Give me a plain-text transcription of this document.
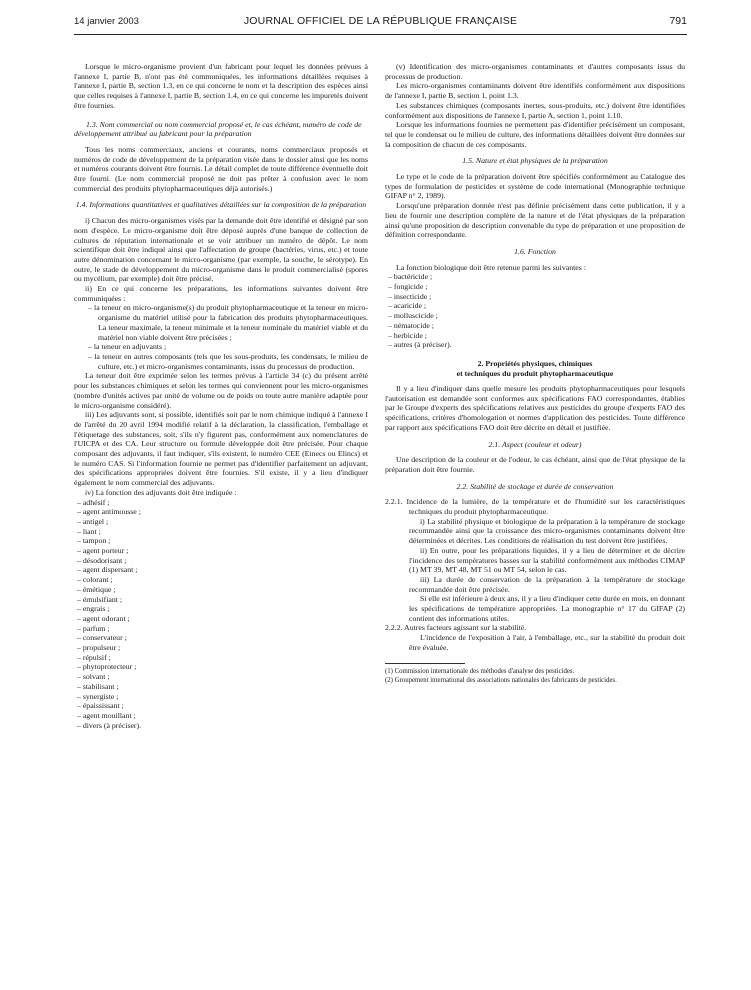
14 janvier 2003	JOURNAL OFFICIEL DE LA RÉPUBLIQUE FRANÇAISE	791

Lorsque le micro-organisme provient d'un fabricant pour lequel les données prévues à l'annexe I, partie B, n'ont pas été communiquées, les informations détaillées requises à l'annexe I, partie B, section 1.3, en ce qui concerne le nom et la description des espèces ainsi que celles requises à l'annexe I, partie B, section 1.4, en ce qui concerne les impuretés doivent être fournies.

1.3. Nom commercial ou nom commercial proposé et, le cas échéant, numéro de code de développement attribué au fabricant pour la préparation

Tous les noms commerciaux, anciens et courants, noms commerciaux proposés et numéros de code de développement de la préparation visée dans le dossier ainsi que les noms et numéros courants doivent être fournis. Le détail complet de toute différence éventuelle doit être fourni. (Le nom commercial proposé ne doit pas prêter à confusion avec le nom commercial des produits phytopharmaceutiques déjà autorisés.)

1.4. Informations quantitatives et qualitatives détaillées sur la composition de la préparation

i) Chacun des micro-organismes visés par la demande doit être identifié et désigné par son nom d'espèce. Le micro-organisme doit être déposé auprès d'une banque de collection de cultures de réputation internationale et se voir attribuer un numéro de dépôt. Le nom scientifique doit être indiqué ainsi que l'affectation de groupe (bactéries, virus, etc.) et toute autre dénomination concernant le micro-organisme (par exemple, la souche, le sérotype). En outre, le stade de développement du micro-organisme dans le produit commercialisé (spores ou mycélium, par exemple) doit être précisé.

ii) En ce qui concerne les préparations, les informations suivantes doivent être communiquées :

– la teneur en micro-organisme(s) du produit phytopharmaceutique et la teneur en micro-organisme du matériel utilisé pour la fabrication des produits phytopharmaceutiques. La teneur maximale, la teneur minimale et la teneur nominale du matériel viable et du matériel non viable doivent être précisées ;

– la teneur en adjuvants ;

– la teneur en autres composants (tels que les sous-produits, les condensats, le milieu de culture, etc.) et micro-organismes contaminants, issus du processus de production.

La teneur doit être exprimée selon les termes prévus à l'article 34 (c) du présent arrêté pour les substances chimiques et selon les termes qui conviennent pour les micro-organismes (nombre d'unités actives par unité de volume ou de poids ou toute autre manière adaptée pour le micro-organisme considéré).

iii) Les adjuvants sont, si possible, identifiés soit par le nom chimique indiqué à l'annexe I de l'arrêté du 20 avril 1994 modifié relatif à la déclaration, la classification, l'emballage et l'étiquetage des substances, soit, s'ils n'y figurent pas, conformément aux nomenclatures de l'UICPA et des CA. Leur structure ou formule développée doit être précisée. Pour chaque composant des adjuvants, il faut indiquer, s'ils existent, le numéro CEE (Einecs ou Elincs) et le numéro CAS. Si l'information fournie ne permet pas d'identifier parfaitement un adjuvant, des spécifications appropriées doivent être fournies. S'il existe, il y a lieu d'indiquer également le nom commercial des adjuvants.

iv) La fonction des adjuvants doit être indiquée :

– adhésif ;

– agent antimousse ;

– antigel ;

– liant ;

– tampon ;

– agent porteur ;

– désodorisant ;

– agent dispersant ;

– colorant ;

– émétique ;

– émulsifiant ;

– engrais ;

– agent odorant ;

– parfum ;

– conservateur ;

– propulseur ;

– répulsif ;

– phytoprotecteur ;

– solvant ;

– stabilisant ;

– synergiste ;

– épaississant ;

– agent mouillant ;

– divers (à préciser).

(v) Identification des micro-organismes contaminants et d'autres composants issus du processus de production.

Les micro-organismes contaminants doivent être identifiés conformément aux dispositions de l'annexe I, partie B, section 1, point 1.3.

Les substances chimiques (composants inertes, sous-produits, etc.) doivent être identifiées conformément aux dispositions de l'annexe I, partie A, section 1, point 1.10.

Lorsque les informations fournies ne permettent pas d'identifier précisément un composant, tel que le condensat ou le milieu de culture, des informations détaillées doivent être données sur la composition de chacun de ces composants.

1.5. Nature et état physiques de la préparation

Le type et le code de la préparation doivent être spécifiés conformément au Catalogue des types de formulation de pesticides et système de code international (Monographie technique GIFAP n° 2, 1989).

Lorsqu'une préparation donnée n'est pas définie précisément dans cette publication, il y a lieu de fournir une description complète de la nature et de l'état physiques de la préparation ainsi qu'une proposition de description convenable du type de préparation et une proposition de définition correspondante.

1.6. Fonction

La fonction biologique doit être retenue parmi les suivantes :

– bactéricide ;

– fongicide ;

– insecticide ;

– acaricide ;

– molluscicide ;

– nématocide ;

– herbicide ;

– autres (à préciser).

2. Propriétés physiques, chimiques
et techniques du produit phytopharmaceutique

Il y a lieu d'indiquer dans quelle mesure les produits phytopharmaceutiques pour lesquels l'autorisation est demandée sont conformes aux spécifications FAO correspondantes, établies par le Groupe d'experts des spécifications relatives aux pesticides du groupe d'experts FAO des spécifications, critères d'homologation et normes d'application des pesticides. Toute différence par rapport aux spécifications FAO doit être décrite en détail et justifiée.

2.1. Aspect (couleur et odeur)

Une description de la couleur et de l'odeur, le cas échéant, ainsi que de l'état physique de la préparation doit être fournie.

2.2. Stabilité de stockage et durée de conservation

2.2.1. Incidence de la lumière, de la température et de l'humidité sur les caractéristiques techniques du produit phytopharmaceutique.

i) La stabilité physique et biologique de la préparation à la température de stockage recommandée ainsi que la croissance des micro-organismes contaminants doivent être déterminées et décrites. Les conditions de réalisation du test doivent être justifiées.

ii) En outre, pour les préparations liquides, il y a lieu de déterminer et de décrire l'incidence des températures basses sur la stabilité conformément aux méthodes CIMAP (1) MT 39, MT 48, MT 51 ou MT 54, selon le cas.

iii) La durée de conservation de la préparation à la température de stockage recommandée doit être précisée.

Si elle est inférieure à deux ans, il y a lieu d'indiquer cette durée en mois, en donnant les spécifications de température appropriées. La monographie n° 17 du GIFAP (2) contient des informations utiles.

2.2.2. Autres facteurs agissant sur la stabilité.

L'incidence de l'exposition à l'air, à l'emballage, etc., sur la stabilité du produit doit être évaluée.

(1) Commission internationale des méthodes d'analyse des pesticides.

(2) Groupement international des associations nationales des fabricants de pesticides.
